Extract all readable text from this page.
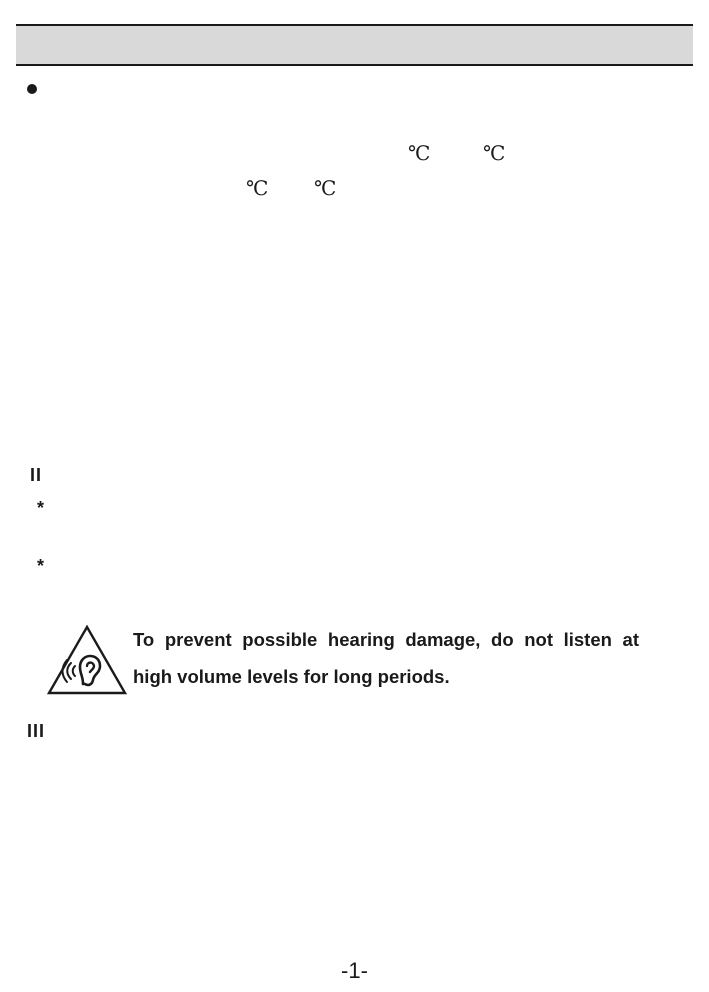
℃	℃
℃ ℃
II
*
*
To prevent possible hearing damage, do not listen at
high volume levels for long periods.
III
-1-
